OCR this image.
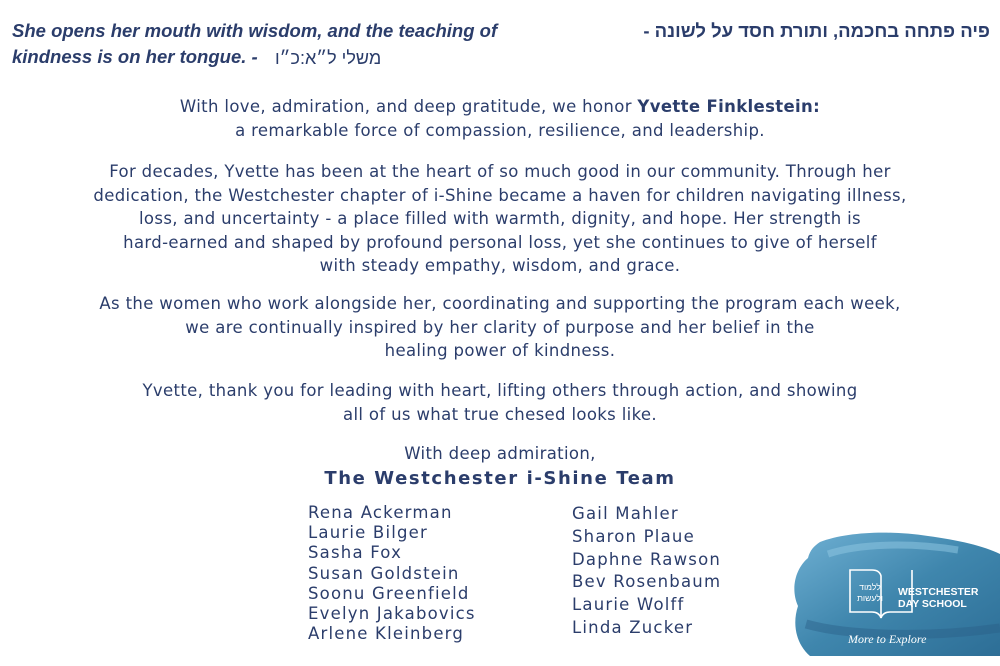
She opens her mouth with wisdom, and the teaching of kindness is on her tongue. -
פיה פתחה בחכמה, ותורת חסד על לשונה -
משלי ל״א:כ״ו

With love, admiration, and deep gratitude, we honor Yvette Finklestein:

a remarkable force of compassion, resilience, and leadership.

For decades, Yvette has been at the heart of so much good in our community. Through her

dedication, the Westchester chapter of i-Shine became a haven for children navigating illness,

loss, and uncertainty - a place filled with warmth, dignity, and hope. Her strength is

hard-earned and shaped by profound personal loss, yet she continues to give of herself

with steady empathy, wisdom, and grace.

As the women who work alongside her, coordinating and supporting the program each week,

we are continually inspired by her clarity of purpose and her belief in the

healing power of kindness.

Yvette, thank you for leading with heart, lifting others through action, and showing

all of us what true chesed looks like.

With deep admiration,

The Westchester i-Shine Team

Rena Ackerman
Laurie Bilger
Sasha Fox
Susan Goldstein
Soonu Greenfield
Evelyn Jakabovics
Arlene Kleinberg
Gail Mahler
Sharon Plaue
Daphne Rawson
Bev Rosenbaum
Laurie Wolff
Linda Zucker
ללמוד
ולעשות WESTCHESTER
DAY SCHOOL
More to Explore
